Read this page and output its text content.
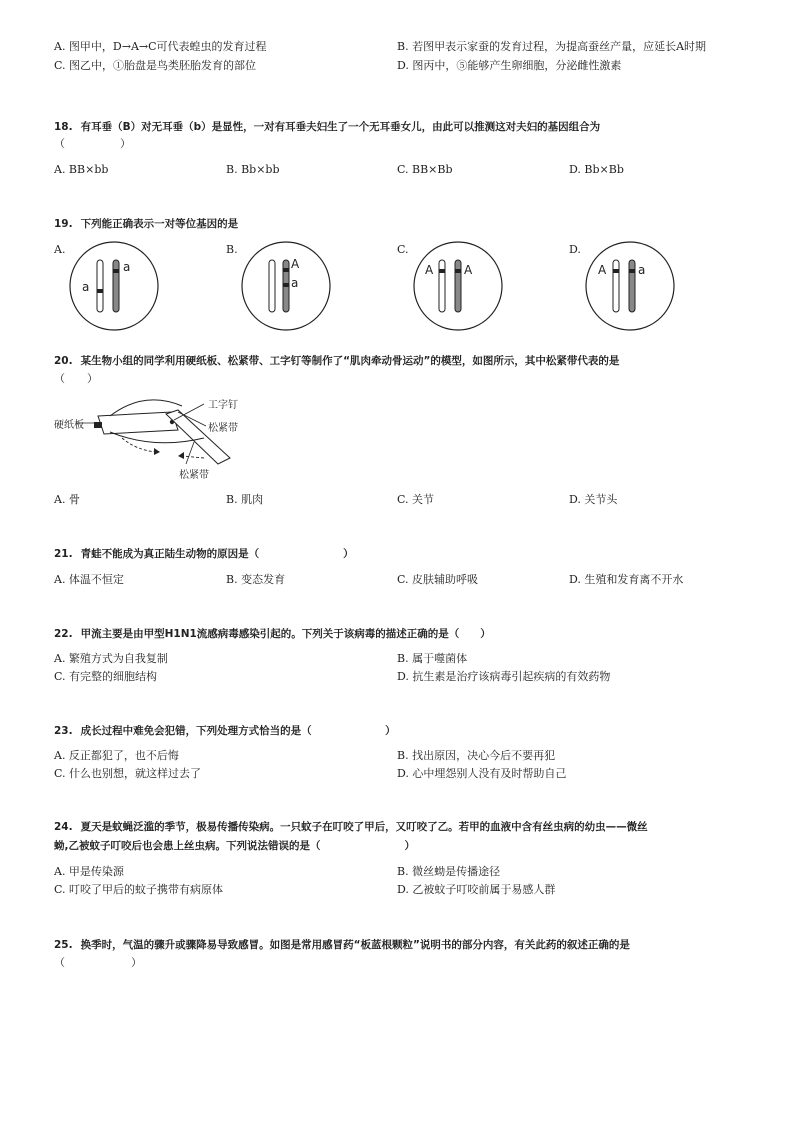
A. 图甲中，D→A→C可代表蝗虫的发育过程	B. 若图甲表示家蚕的发育过程，为提高蚕丝产量，应延长A时期
C. 图乙中，①胎盘是鸟类胚胎发育的部位	D. 图丙中，⑤能够产生卵细胞，分泌雌性激素
18. 有耳垂（B）对无耳垂（b）是显性，一对有耳垂夫妇生了一个无耳垂女儿，由此可以推测这对夫妇的基因组合为
（　　　　　）
A. BB×bb	B. Bb×bb	C. BB×Bb	D. Bb×Bb
19. 下列能正确表示一对等位基因的是
A.	B.	C.	D.
a
a	A
a
A	A	A	a
20. 某生物小组的同学利用硬纸板、松紧带、工字钉等制作了“肌肉牵动骨运动”的模型，如图所示，其中松紧带代表的是
（　　）
硬纸板
工字钉
松紧带
松紧带
A. 骨	B. 肌肉	C. 关节	D. 关节头
21. 青蛙不能成为真正陆生动物的原因是（　　　　　　　　）
A. 体温不恒定	B. 变态发育	C. 皮肤辅助呼吸	D. 生殖和发育离不开水
22. 甲流主要是由甲型H1N1流感病毒感染引起的。下列关于该病毒的描述正确的是（　　）
A. 繁殖方式为自我复制	B. 属于噬菌体
C. 有完整的细胞结构	D. 抗生素是治疗该病毒引起疾病的有效药物
23. 成长过程中难免会犯错，下列处理方式恰当的是（　　　　　　　）
A. 反正都犯了，也不后悔	B. 找出原因，决心今后不要再犯
C. 什么也别想，就这样过去了	D. 心中埋怨别人没有及时帮助自己
24. 夏天是蚊蝇泛滥的季节，极易传播传染病。一只蚊子在叮咬了甲后，又叮咬了乙。若甲的血液中含有丝虫病的幼虫——微丝
蚴,乙被蚊子叮咬后也会患上丝虫病。下列说法错误的是（　　　　　　　　）
A. 甲是传染源	B. 微丝蚴是传播途径
C. 叮咬了甲后的蚊子携带有病原体	D. 乙被蚊子叮咬前属于易感人群
25. 换季时，气温的骤升或骤降易导致感冒。如图是常用感冒药“板蓝根颗粒”说明书的部分内容，有关此药的叙述正确的是
（　　　　　　）
